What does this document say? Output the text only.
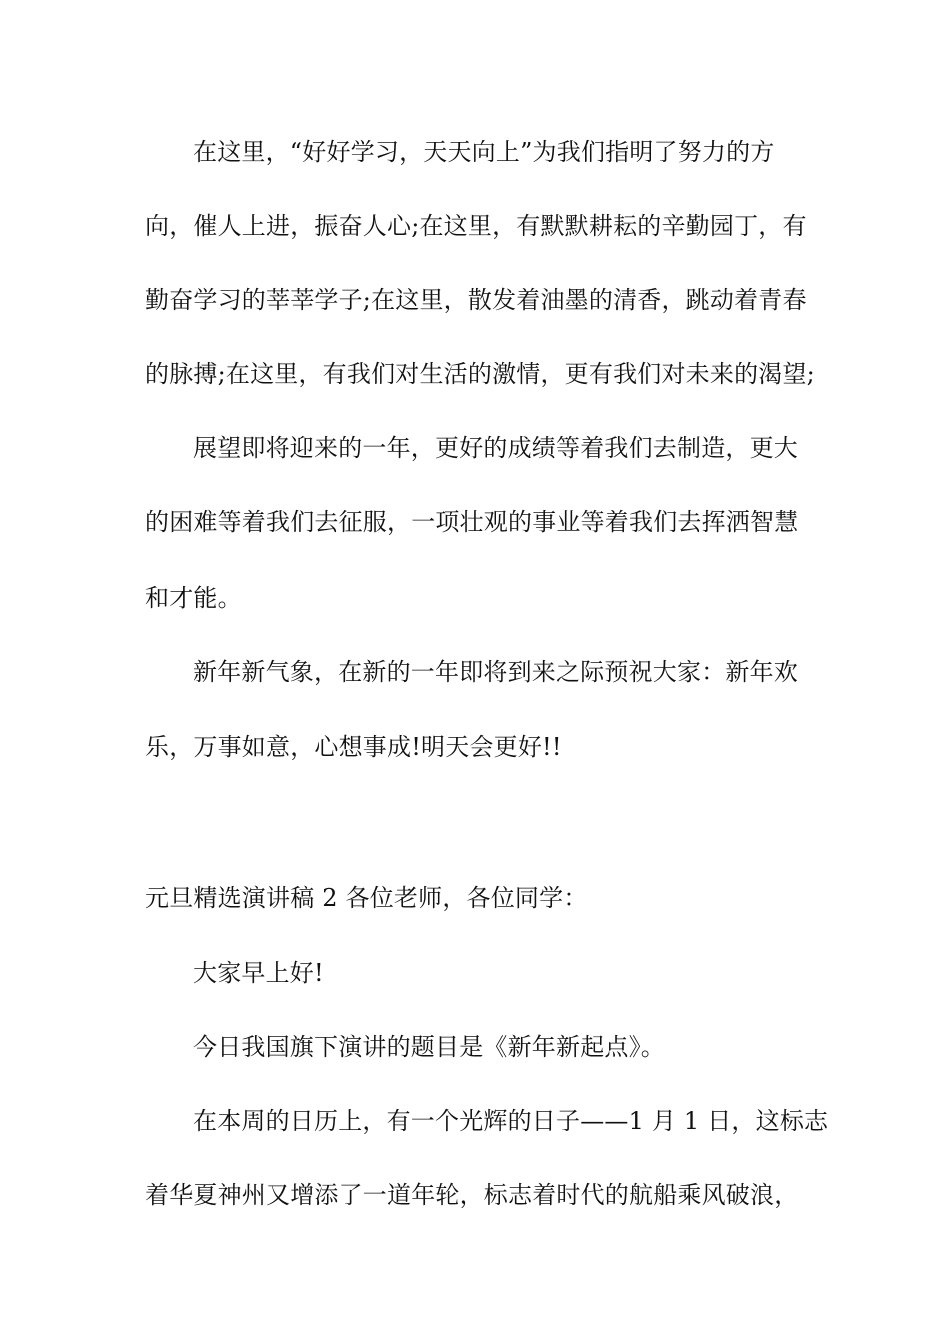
在这里，“好好学习，天天向上”为我们指明了努力的方
向，催人上进，振奋人心;在这里，有默默耕耘的辛勤园丁，有
勤奋学习的莘莘学子;在这里，散发着油墨的清香，跳动着青春
的脉搏;在这里，有我们对生活的激情，更有我们对未来的渴望;
展望即将迎来的一年，更好的成绩等着我们去制造，更大
的困难等着我们去征服，一项壮观的事业等着我们去挥洒智慧
和才能。
新年新气象，在新的一年即将到来之际预祝大家：新年欢
乐，万事如意，心想事成!明天会更好!!
元旦精选演讲稿 2 各位老师，各位同学：
大家早上好!
今日我国旗下演讲的题目是《新年新起点》。
在本周的日历上，有一个光辉的日子——1 月 1 日，这标志
着华夏神州又增添了一道年轮，标志着时代的航船乘风破浪，
